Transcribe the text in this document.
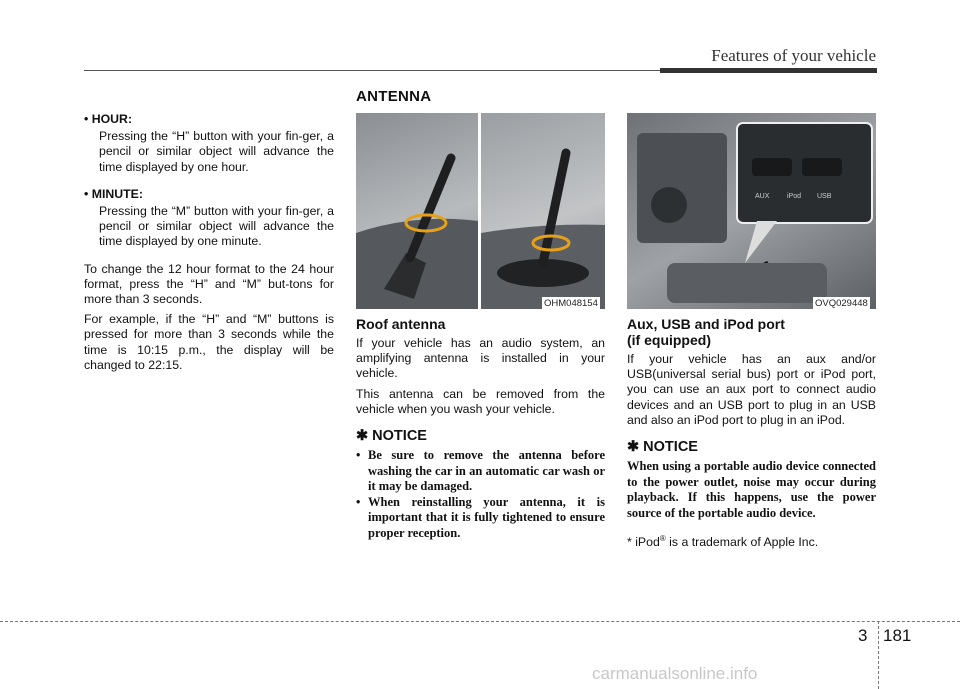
Features of your vehicle
ANTENNA
• HOUR:
Pressing the “H” button with your fin-ger, a pencil or similar object will advance the time displayed by one hour.
• MINUTE:
Pressing the “M” button with your fin-ger, a pencil or similar object will advance the time displayed by one minute.
To change the 12 hour format to the 24 hour format, press the “H” and “M” but-tons for more than 3 seconds.
For example, if the “H” and “M” buttons is pressed for more than 3 seconds while the time is 10:15 p.m., the display will be changed to 22:15.
OHM048154
AUX	iPod USB
OVQ029448
Roof antenna
If your vehicle has an audio system, an amplifying antenna is installed in your vehicle.
This antenna can be removed from the vehicle when you wash your vehicle.
✱ NOTICE
• Be sure to remove the antenna before washing the car in an automatic car wash or it may be damaged.
• When reinstalling your antenna, it is important that it is fully tightened to ensure proper reception.
Aux, USB and iPod port
(if equipped)
If your vehicle has an aux and/or USB(universal serial bus) port or iPod port, you can use an aux port to connect audio devices and an USB port to plug in an USB and also an iPod port to plug in an iPod.
✱ NOTICE
When using a portable audio device connected to the power outlet, noise may occur during playback. If this happens, use the power source of the portable audio device.
* iPod® is a trademark of Apple Inc.
3 181
carmanualsonline.info
